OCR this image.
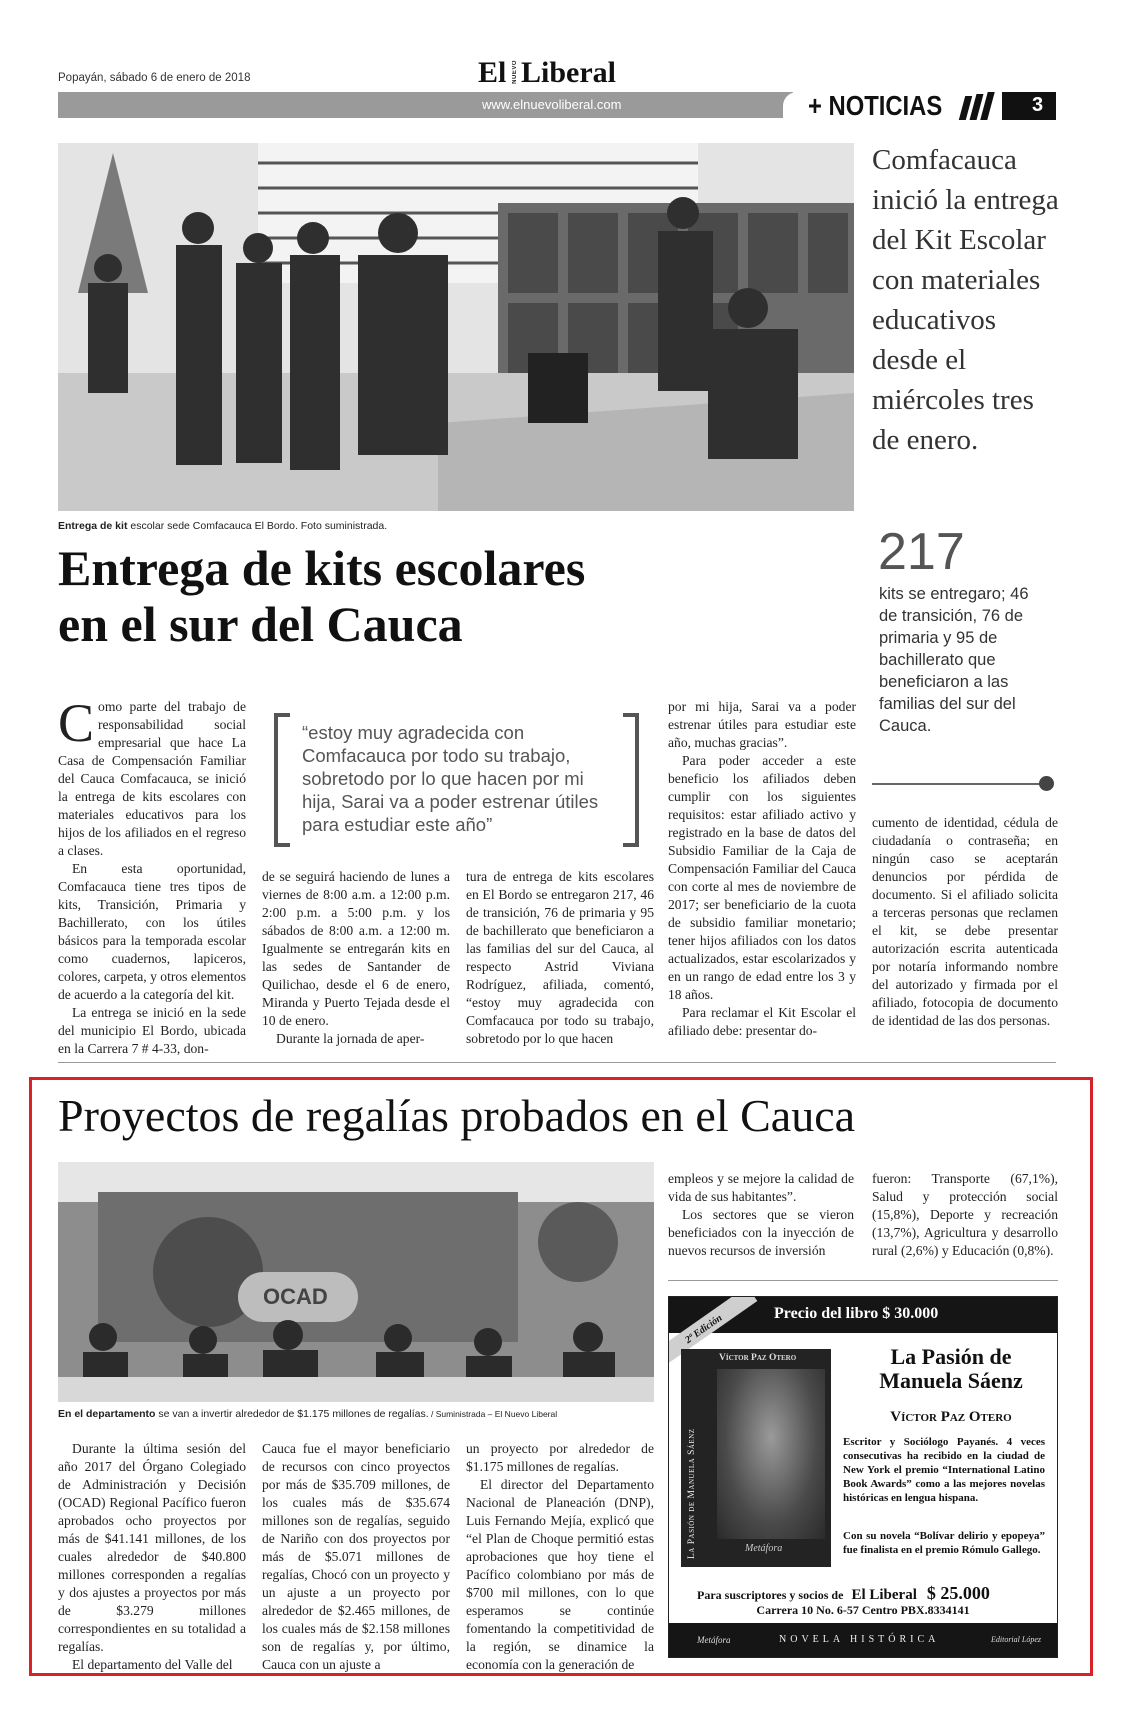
Popayán, sábado 6 de enero de 2018	El NUEVO Liberal
www.elnuevoliberal.com	+ NOTICIAS	3
Entrega de kit escolar sede Comfacauca El Bordo. Foto suministrada.
Comfacauca inició la entrega del Kit Escolar con materiales educativos desde el miércoles tres de enero.
Entrega de kits escolares
en el sur del Cauca
217
kits se entregaro; 46 de transición, 76 de primaria y 95 de bachillerato que beneficiaron a las familias del sur del Cauca.
“estoy muy agradecida con Comfacauca por todo su trabajo, sobretodo por lo que hacen por mi hija, Sarai va a poder estrenar útiles para estudiar este año”
C omo parte del trabajo de responsabilidad social empresarial que hace La Casa de Compensación Familiar del Cauca Comfacauca, se inició la entrega de kits escolares con materiales educativos para los hijos de los afiliados en el regreso a clases.

En esta oportunidad, Comfacauca tiene tres tipos de kits, Transición, Primaria y Bachillerato, con los útiles básicos para la temporada escolar como cuadernos, lapiceros, colores, carpeta, y otros elementos de acuerdo a la categoría del kit.

La entrega se inició en la sede del municipio El Bordo, ubicada en la Carrera 7 # 4-33, don-

de se seguirá haciendo de lunes a viernes de 8:00 a.m. a 12:00 p.m. 2:00 p.m. a 5:00 p.m. y los sábados de 8:00 a.m. a 12:00 m. Igualmente se entregarán kits en las sedes de Santander de Quilichao, desde el 6 de enero, Miranda y Puerto Tejada desde el 10 de enero.

Durante la jornada de aper-

tura de entrega de kits escolares en El Bordo se entregaron 217, 46 de transición, 76 de primaria y 95 de bachillerato que beneficiaron a las familias del sur del Cauca, al respecto Astrid Viviana Rodríguez, afiliada, comentó, “estoy muy agradecida con Comfacauca por todo su trabajo, sobretodo por lo que hacen

por mi hija, Sarai va a poder estrenar útiles para estudiar este año, muchas gracias”.

Para poder acceder a este beneficio los afiliados deben cumplir con los siguientes requisitos: estar afiliado activo y registrado en la base de datos del Subsidio Familiar de la Caja de Compensación Familiar del Cauca con corte al mes de noviembre de 2017; ser beneficiario de la cuota de subsidio familiar monetario; tener hijos afiliados con los datos actualizados, estar escolarizados y en un rango de edad entre los 3 y 18 años.

Para reclamar el Kit Escolar el afiliado debe: presentar do-

cumento de identidad, cédula de ciudadanía o contraseña; en ningún caso se aceptarán denuncios por pérdida de documento. Si el afiliado solicita a terceras personas que reclamen el kit, se debe presentar autorización escrita autenticada por notaría informando nombre del autorizado y firmada por el afiliado, fotocopia de documento de identidad de las dos personas.

Proyectos de regalías probados en el Cauca
OCAD
En el departamento se van a invertir alrededor de $1.175 millones de regalías. / Suministrada – El Nuevo Liberal

Durante la última sesión del año 2017 del Órgano Colegiado de Administración y Decisión (OCAD) Regional Pacífico fueron aprobados ocho proyectos por más de $41.141 millones, de los cuales alrededor de $40.800 millones corresponden a regalías y dos ajustes a proyectos por más de $3.279 millones correspondientes en su totalidad a regalías.

El departamento del Valle del

Cauca fue el mayor beneficiario de recursos con cinco proyectos por más de $35.709 millones, de los cuales más de $35.674 millones son de regalías, seguido de Nariño con dos proyectos por más de $5.071 millones de regalías, Chocó con un proyecto y un ajuste a un proyecto por alrededor de $2.465 millones, de los cuales más de $2.158 millones son de regalías y, por último, Cauca con un ajuste a

un proyecto por alrededor de $1.175 millones de regalías.

El director del Departamento Nacional de Planeación (DNP), Luis Fernando Mejía, explicó que “el Plan de Choque permitió estas aprobaciones que hoy tiene el Pacífico colombiano por más de $700 mil millones, con lo que esperamos se continúe fomentando la competitividad de la región, se dinamice la economía con la generación de

empleos y se mejore la calidad de vida de sus habitantes”.

Los sectores que se vieron beneficiados con la inyección de nuevos recursos de inversión

fueron: Transporte (67,1%), Salud y protección social (15,8%), Deporte y recreación (13,7%), Agricultura y desarrollo rural (2,6%) y Educación (0,8%).

Precio del libro $ 30.000
2ª Edición
Víctor Paz Otero
La Pasión de Manuela Sáenz	Metáfora
La Pasión de
Manuela Sáenz
Víctor Paz Otero
Escritor y Sociólogo Payanés. 4 veces consecutivas ha recibido en la ciudad de New York el premio “International Latino Book Awards” como a las mejores novelas históricas en lengua hispana.
Con su novela “Bolívar delirio y epopeya” fue finalista en el premio Rómulo Gallego.
Para suscriptores y socios de El Liberal $ 25.000
Carrera 10 No. 6-57 Centro PBX.8334141
Metáfora	NOVELA HISTÓRICA	Editorial López
